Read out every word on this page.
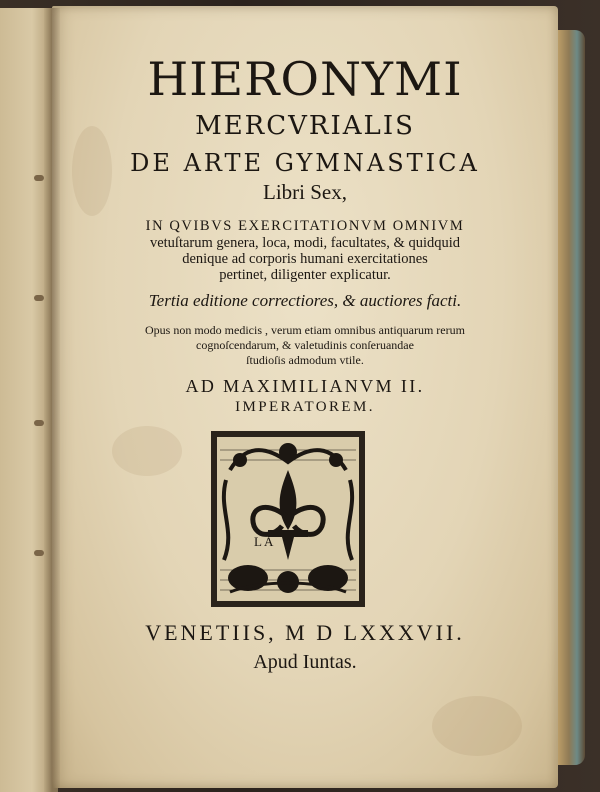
HIERONYMI
MERCVRIALIS
DE ARTE GYMNASTICA
Libri Sex,
IN QVIBVS EXERCITATIONVM OMNIVM
vetuſtarum genera, loca, modi, facultates, & quidquid
denique ad corporis humani exercitationes
pertinet, diligenter explicatur.
Tertia editione correctiores, & auctiores facti.
Opus non modo medicis , verum etiam omnibus antiquarum rerum
cognoſcendarum, & valetudinis conſeruandae
ſtudioſis admodum vtile.
AD MAXIMILIANVM II.
IMPERATOREM.
L A
VENETIIS, M D LXXXVII.
Apud Iuntas.
